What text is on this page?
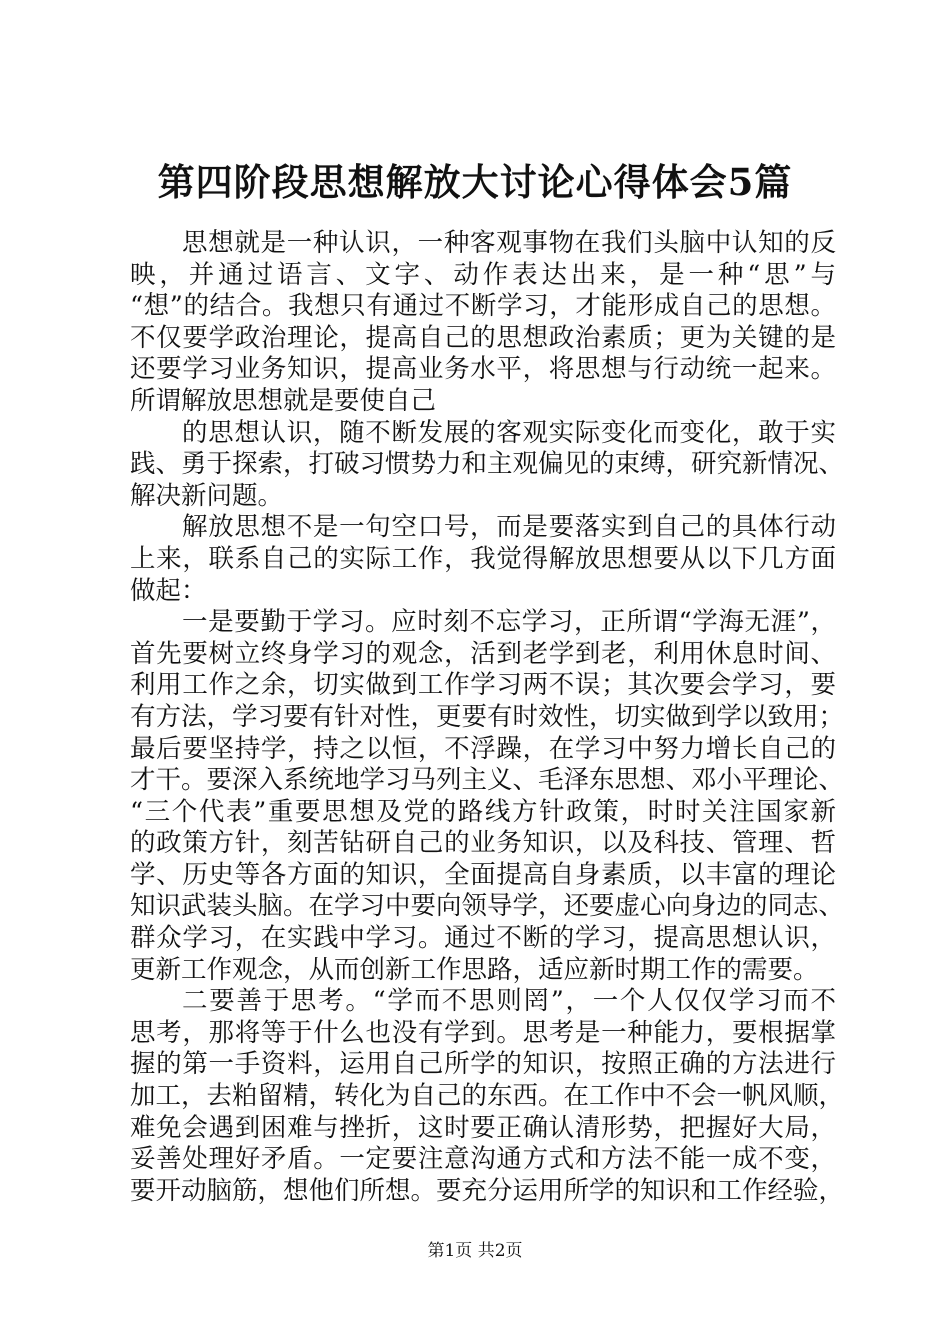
第四阶段思想解放大讨论心得体会5篇
思想就是一种认识，一种客观事物在我们头脑中认知的反
映，并通过语言、文字、动作表达出来，是一种“思”与
“想”的结合。我想只有通过不断学习，才能形成自己的思想。
不仅要学政治理论，提高自己的思想政治素质；更为关键的是
还要学习业务知识，提高业务水平，将思想与行动统一起来。
所谓解放思想就是要使自己
的思想认识，随不断发展的客观实际变化而变化，敢于实
践、勇于探索，打破习惯势力和主观偏见的束缚，研究新情况、
解决新问题。
解放思想不是一句空口号，而是要落实到自己的具体行动
上来，联系自己的实际工作，我觉得解放思想要从以下几方面
做起：
一是要勤于学习。应时刻不忘学习，正所谓“学海无涯”，
首先要树立终身学习的观念，活到老学到老，利用休息时间、
利用工作之余，切实做到工作学习两不误；其次要会学习，要
有方法，学习要有针对性，更要有时效性，切实做到学以致用；
最后要坚持学，持之以恒，不浮躁，在学习中努力增长自己的
才干。要深入系统地学习马列主义、毛泽东思想、邓小平理论、
“三个代表”重要思想及党的路线方针政策，时时关注国家新
的政策方针，刻苦钻研自己的业务知识，以及科技、管理、哲
学、历史等各方面的知识，全面提高自身素质，以丰富的理论
知识武装头脑。在学习中要向领导学，还要虚心向身边的同志、
群众学习，在实践中学习。通过不断的学习，提高思想认识，
更新工作观念，从而创新工作思路，适应新时期工作的需要。
二要善于思考。“学而不思则罔”，一个人仅仅学习而不
思考，那将等于什么也没有学到。思考是一种能力，要根据掌
握的第一手资料，运用自己所学的知识，按照正确的方法进行
加工，去粕留精，转化为自己的东西。在工作中不会一帆风顺，
难免会遇到困难与挫折，这时要正确认清形势，把握好大局，
妥善处理好矛盾。一定要注意沟通方式和方法不能一成不变，
要开动脑筋，想他们所想。要充分运用所学的知识和工作经验，
第1页 共2页
